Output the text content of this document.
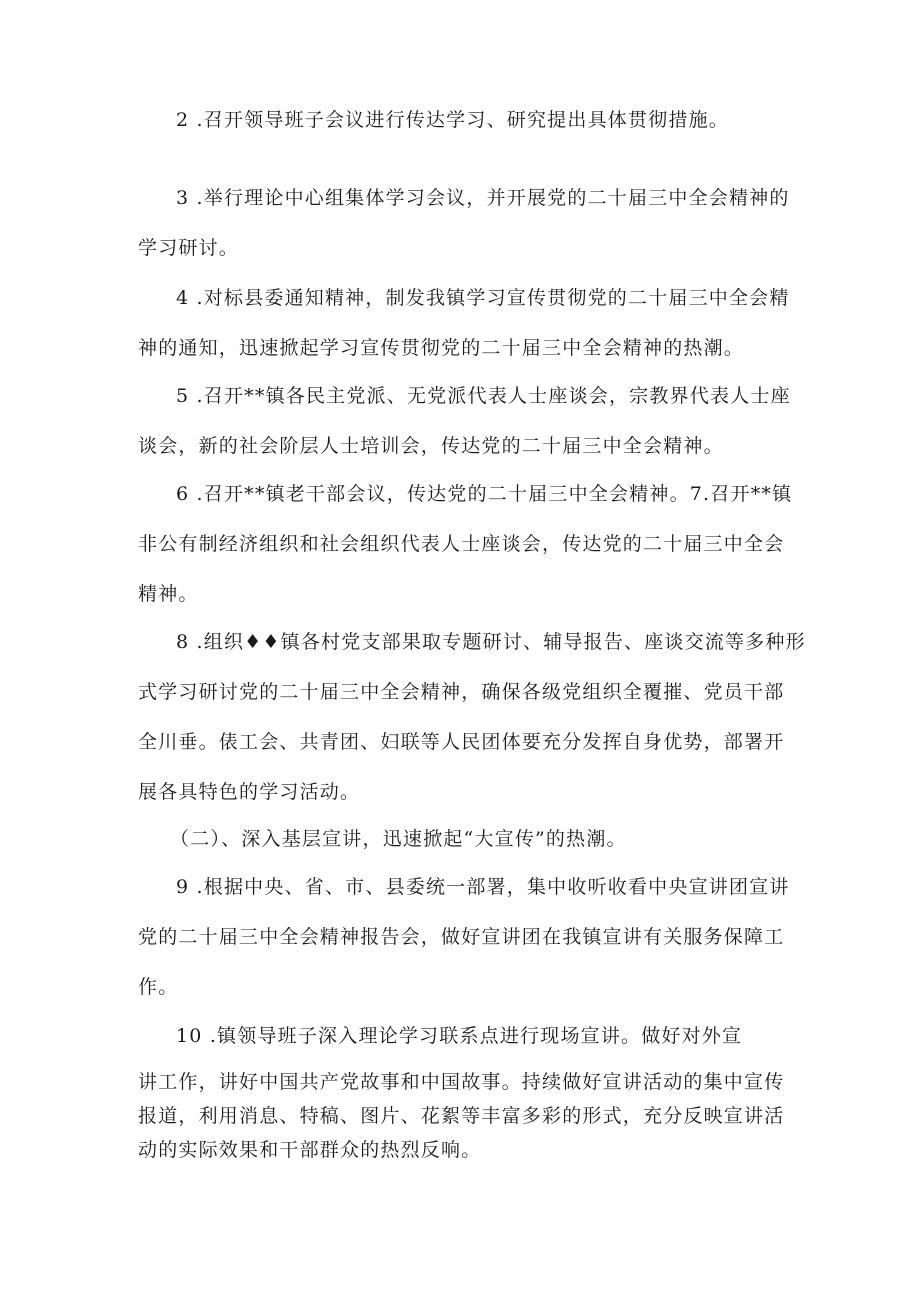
2 .召开领导班子会议进行传达学习、研究提出具体贯彻措施。
3 .举行理论中心组集体学习会议，并开展党的二十届三中全会精神的
学习研讨。
4 .对标县委通知精神，制发我镇学习宣传贯彻党的二十届三中全会精
神的通知，迅速掀起学习宣传贯彻党的二十届三中全会精神的热潮。
5 .召开**镇各民主党派、无党派代表人士座谈会，宗教界代表人士座
谈会，新的社会阶层人士培训会，传达党的二十届三中全会精神。
6 .召开**镇老干部会议，传达党的二十届三中全会精神。7.召开**镇
非公有制经济组织和社会组织代表人士座谈会，传达党的二十届三中全会
精神。
8 .组织♦♦镇各村党支部果取专题研讨、辅导报告、座谈交流等多种形
式学习研讨党的二十届三中全会精神，确保各级党组织全覆摧、党员干部
全川垂。俵工会、共青团、妇联等人民团体要充分发挥自身优势，部署开
展各具特色的学习活动。
（二）、深入基层宣讲，迅速掀起“大宣传”的热潮。
9 .根据中央、省、市、县委统一部署，集中收听收看中央宣讲团宣讲
党的二十届三中全会精神报告会，做好宣讲团在我镇宣讲有关服务保障工
作。
10 .镇领导班子深入理论学习联系点进行现场宣讲。做好对外宣
讲工作，讲好中国共产党故事和中国故事。持续做好宣讲活动的集中宣传
报道，利用消息、特稿、图片、花絮等丰富多彩的形式，充分反映宣讲活
动的实际效果和干部群众的热烈反响。
